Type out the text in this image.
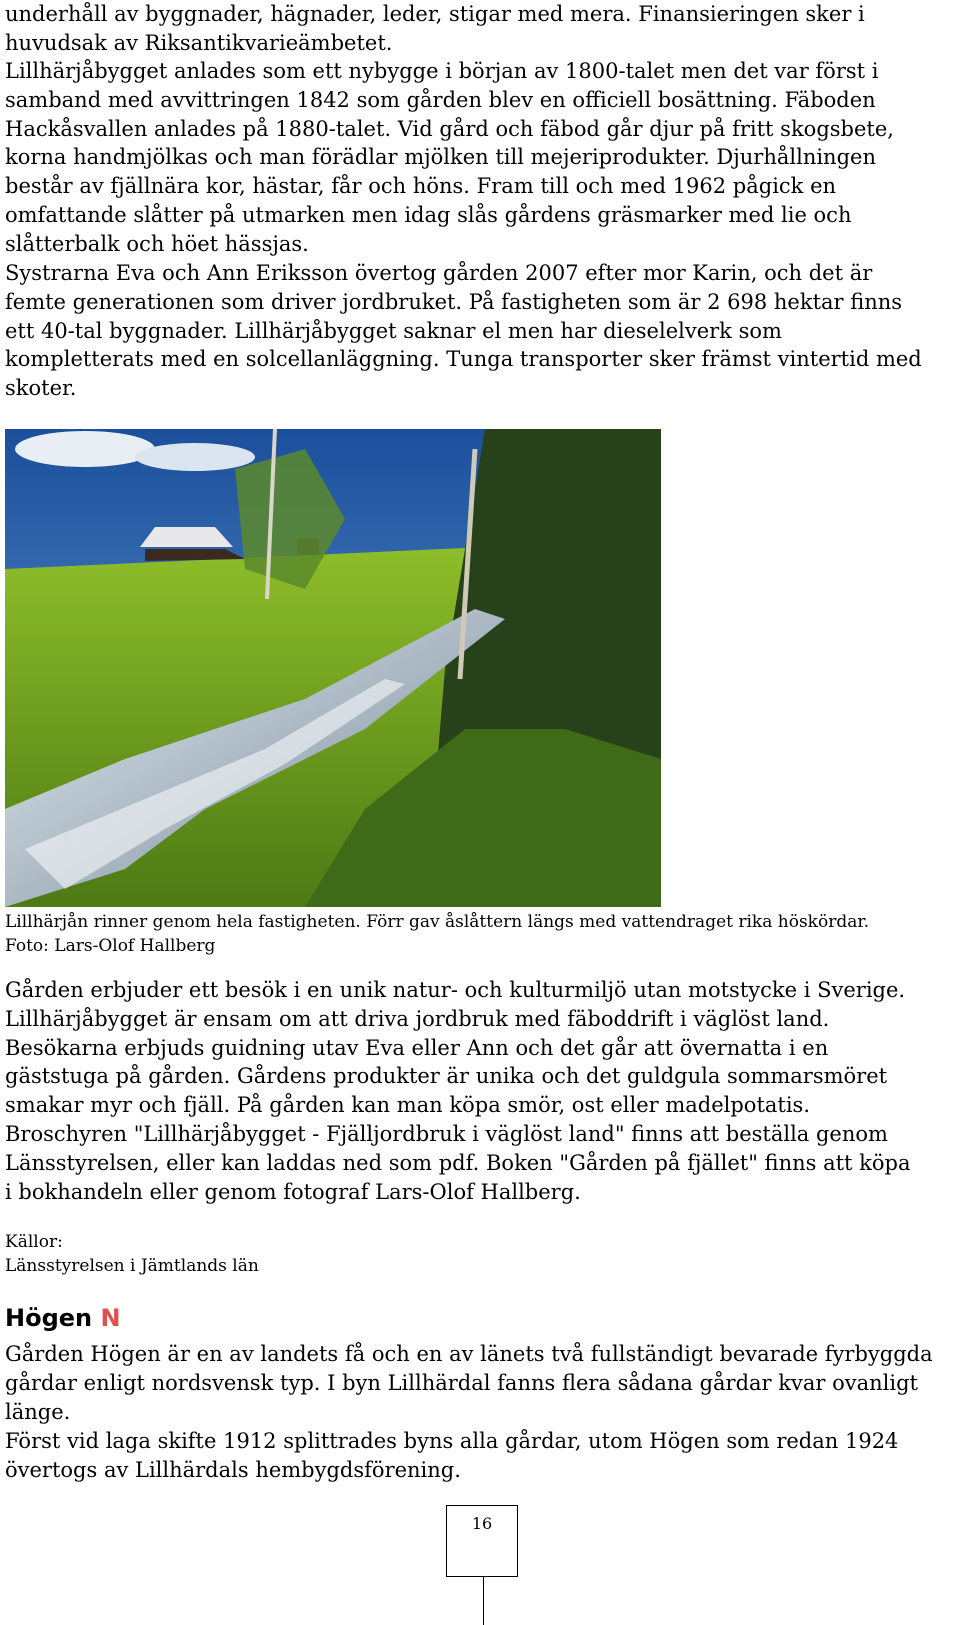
underhåll av byggnader, hägnader, leder, stigar med mera. Finansieringen sker i
huvudsak av Riksantikvarieämbetet.
Lillhärjåbygget anlades som ett nybygge i början av 1800-talet men det var först i
samband med avvittringen 1842 som gården blev en officiell bosättning. Fäboden
Hackåsvallen anlades på 1880-talet. Vid gård och fäbod går djur på fritt skogsbete,
korna handmjölkas och man förädlar mjölken till mejeriprodukter. Djurhållningen
består av fjällnära kor, hästar, får och höns. Fram till och med 1962 pågick en
omfattande slåtter på utmarken men idag slås gårdens gräsmarker med lie och
slåtterbalk och höet hässjas.
Systrarna Eva och Ann Eriksson övertog gården 2007 efter mor Karin, och det är
femte generationen som driver jordbruket. På fastigheten som är 2 698 hektar finns
ett 40-tal byggnader. Lillhärjåbygget saknar el men har dieselelverk som
kompletterats med en solcellanläggning. Tunga transporter sker främst vintertid med
skoter.
Lillhärjån rinner genom hela fastigheten. Förr gav åslåttern längs med vattendraget rika höskördar.
Foto: Lars-Olof Hallberg
Gården erbjuder ett besök i en unik natur- och kulturmiljö utan motstycke i Sverige.
Lillhärjåbygget är ensam om att driva jordbruk med fäboddrift i väglöst land.
Besökarna erbjuds guidning utav Eva eller Ann och det går att övernatta i en
gäststuga på gården. Gårdens produkter är unika och det guldgula sommarsmöret
smakar myr och fjäll. På gården kan man köpa smör, ost eller madelpotatis.
Broschyren "Lillhärjåbygget - Fjälljordbruk i väglöst land" finns att beställa genom
Länsstyrelsen, eller kan laddas ned som pdf. Boken "Gården på fjället" finns att köpa
i bokhandeln eller genom fotograf Lars-Olof Hallberg.
Källor:
Länsstyrelsen i Jämtlands län
Högen N
Gården Högen är en av landets få och en av länets två fullständigt bevarade fyrbyggda
gårdar enligt nordsvensk typ. I byn Lillhärdal fanns flera sådana gårdar kvar ovanligt
länge.
Först vid laga skifte 1912 splittrades byns alla gårdar, utom Högen som redan 1924
övertogs av Lillhärdals hembygdsförening.
16
